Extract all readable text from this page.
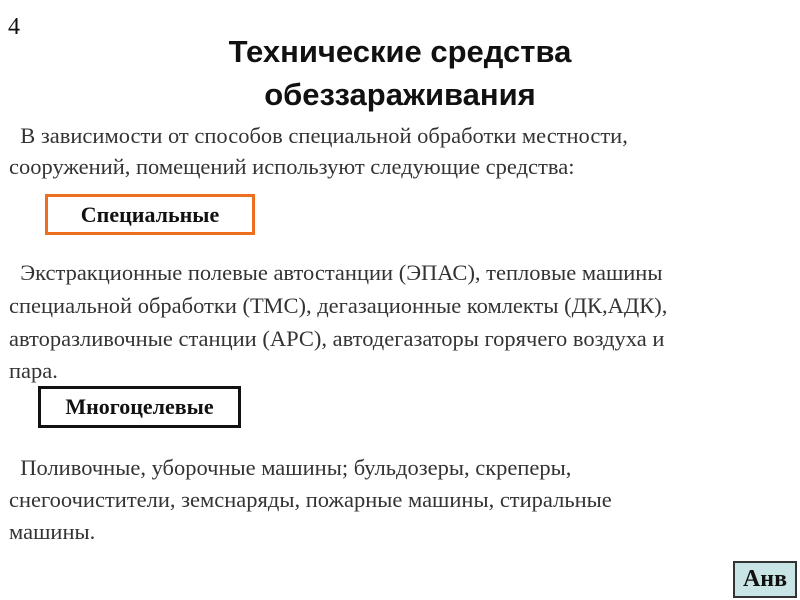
4
Технические средства
обеззараживания
В зависимости от способов специальной обработки местности,
сооружений, помещений используют следующие средства:
Специальные
Экстракционные полевые автостанции (ЭПАС), тепловые машины
специальной обработки (ТМС), дегазационные комлекты (ДК,АДК),
авторазливочные станции (АРС), автодегазаторы горячего воздуха и
пара.
Многоцелевые
Поливочные, уборочные машины; бульдозеры, скреперы,
снегоочистители, земснаряды, пожарные машины, стиральные
машины.
Анв
